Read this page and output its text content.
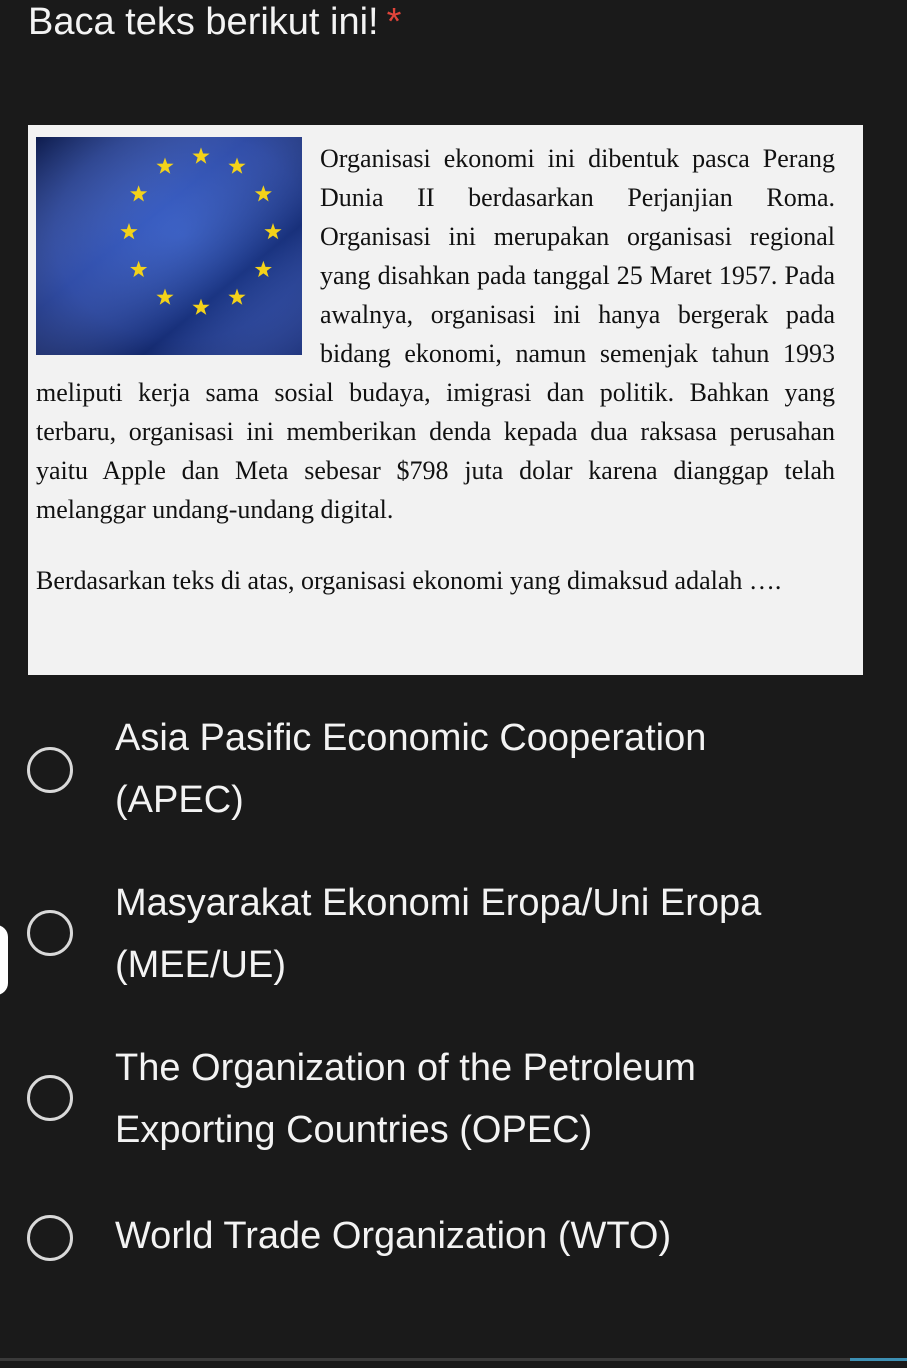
Baca teks berikut ini! *

Organisasi ekonomi ini dibentuk pasca Perang Dunia II berdasarkan Perjanjian Roma. Organisasi ini merupakan organisasi regional yang disahkan pada tanggal 25 Maret 1957. Pada awalnya, organisasi ini hanya bergerak pada bidang ekonomi, namun semenjak tahun 1993 meliputi kerja sama sosial budaya, imigrasi dan politik. Bahkan yang terbaru, organisasi ini memberikan denda kepada dua raksasa perusahan yaitu Apple dan Meta sebesar $798 juta dolar karena dianggap telah melanggar undang-undang digital.

Berdasarkan teks di atas, organisasi ekonomi yang dimaksud adalah ….

Asia Pasific Economic Cooperation (APEC)
Masyarakat Ekonomi Eropa/Uni Eropa (MEE/UE)
The Organization of the Petroleum Exporting Countries (OPEC)
World Trade Organization (WTO)
